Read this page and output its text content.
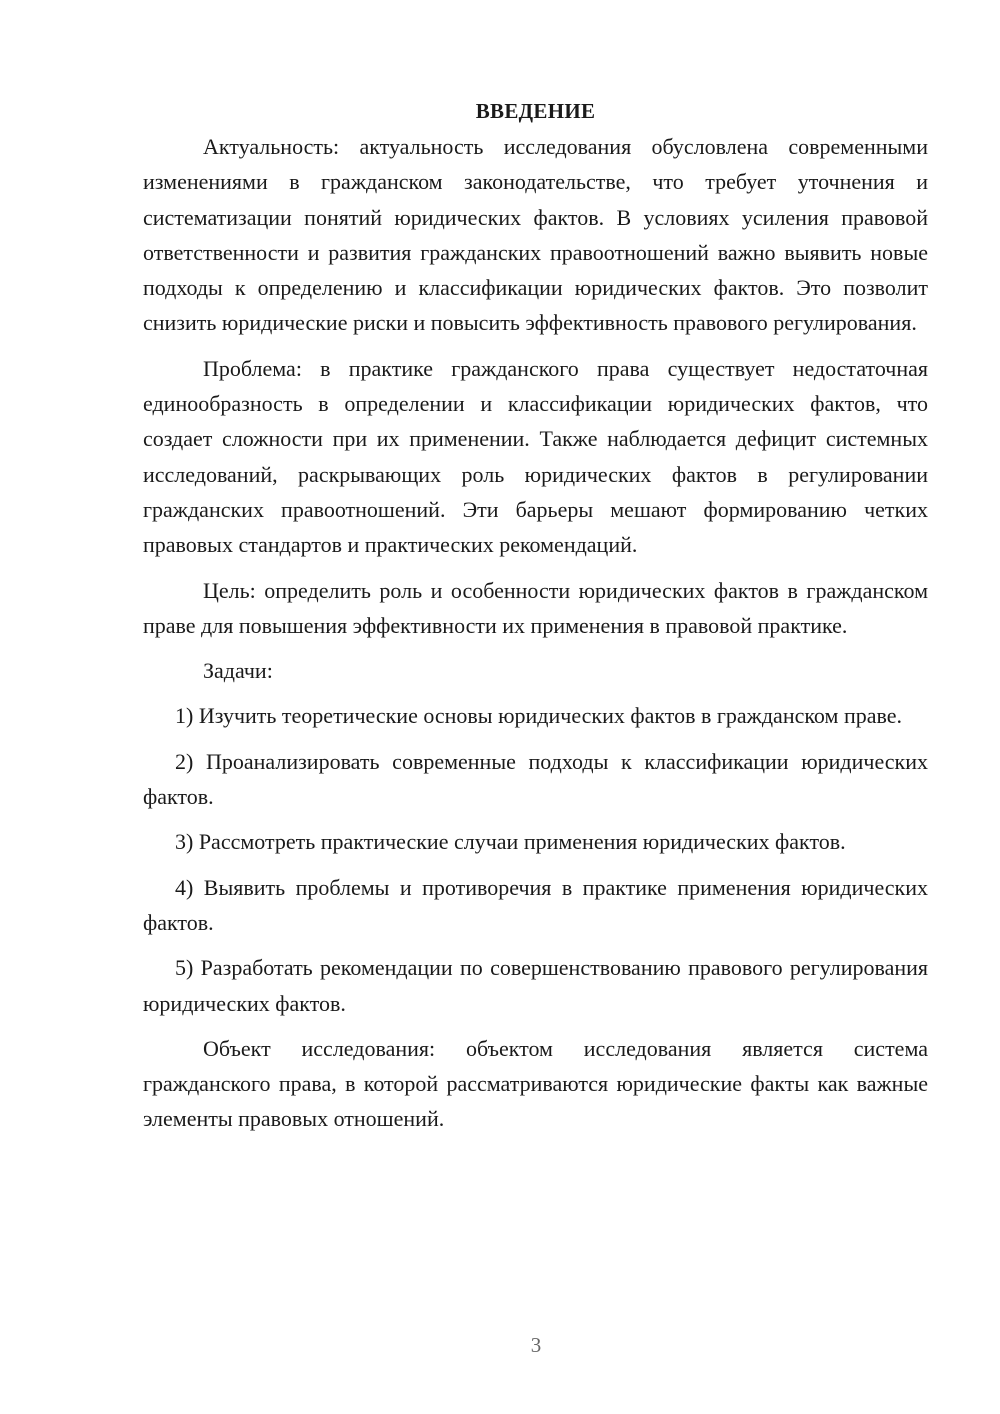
ВВЕДЕНИЕ

Актуальность: актуальность исследования обусловлена современными изменениями в гражданском законодательстве, что требует уточнения и систематизации понятий юридических фактов. В условиях усиления правовой ответственности и развития гражданских правоотношений важно выявить новые подходы к определению и классификации юридических фактов. Это позволит снизить юридические риски и повысить эффективность правового регулирования.

Проблема: в практике гражданского права существует недостаточная единообразность в определении и классификации юридических фактов, что создает сложности при их применении. Также наблюдается дефицит системных исследований, раскрывающих роль юридических фактов в регулировании гражданских правоотношений. Эти барьеры мешают формированию четких правовых стандартов и практических рекомендаций.

Цель: определить роль и особенности юридических фактов в гражданском праве для повышения эффективности их применения в правовой практике.

Задачи:

1) Изучить теоретические основы юридических фактов в гражданском праве.

2) Проанализировать современные подходы к классификации юридических фактов.

3) Рассмотреть практические случаи применения юридических фактов.

4) Выявить проблемы и противоречия в практике применения юридических фактов.

5) Разработать рекомендации по совершенствованию правового регулирования юридических фактов.

Объект исследования: объектом исследования является система гражданского права, в которой рассматриваются юридические факты как важные элементы правовых отношений.

3
